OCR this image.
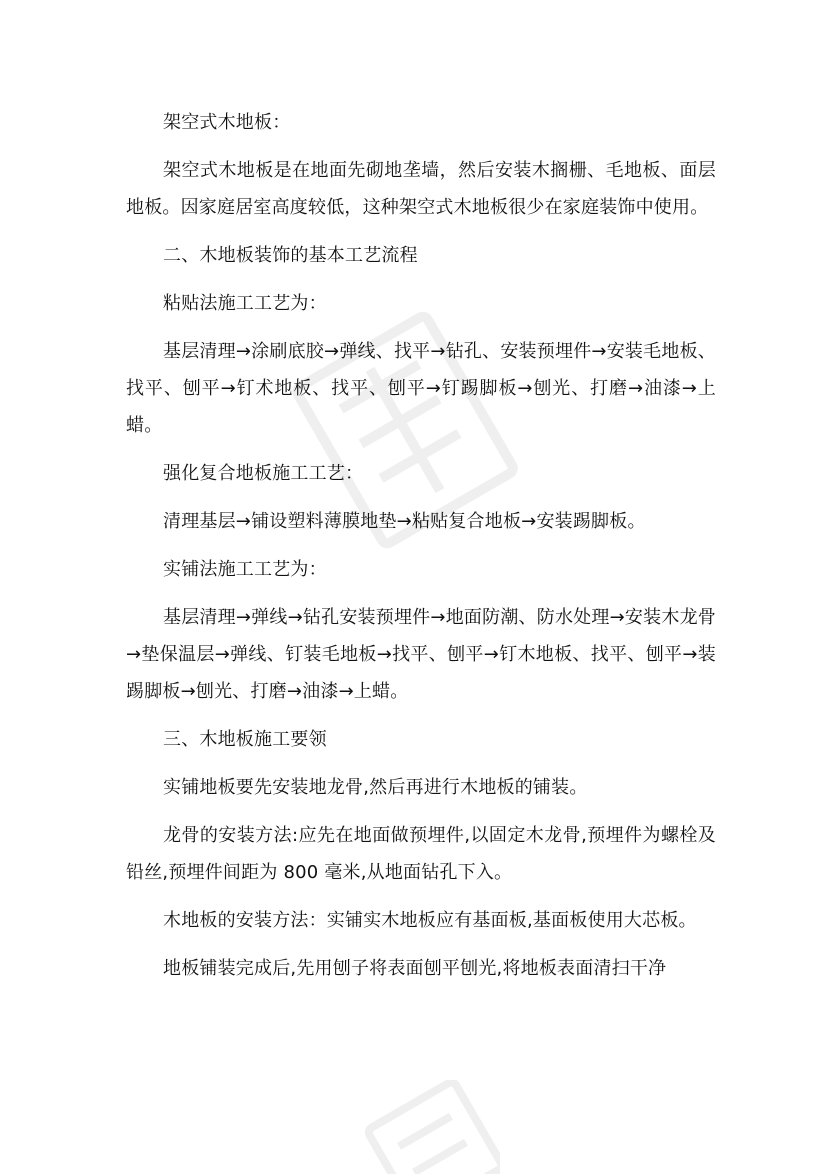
架空式木地板：

架空式木地板是在地面先砌地垄墙，然后安装木搁栅、毛地板、面层地板。因家庭居室高度较低，这种架空式木地板很少在家庭装饰中使用。

二、木地板装饰的基本工艺流程

粘贴法施工工艺为：

基层清理→涂刷底胶→弹线、找平→钻孔、安装预埋件→安装毛地板、找平、刨平→钉术地板、找平、刨平→钉踢脚板→刨光、打磨→油漆→上蜡。

强化复合地板施工工艺：

清理基层→铺设塑料薄膜地垫→粘贴复合地板→安装踢脚板。

实铺法施工工艺为：

基层清理→弹线→钻孔安装预埋件→地面防潮、防水处理→安装木龙骨→垫保温层→弹线、钉装毛地板→找平、刨平→钉木地板、找平、刨平→装踢脚板→刨光、打磨→油漆→上蜡。

三、木地板施工要领

实铺地板要先安装地龙骨,然后再进行木地板的铺装。

龙骨的安装方法:应先在地面做预埋件,以固定木龙骨,预埋件为螺栓及铅丝,预埋件间距为 800 毫米,从地面钻孔下入。

木地板的安装方法：实铺实木地板应有基面板,基面板使用大芯板。

地板铺装完成后,先用刨子将表面刨平刨光,将地板表面清扫干净
